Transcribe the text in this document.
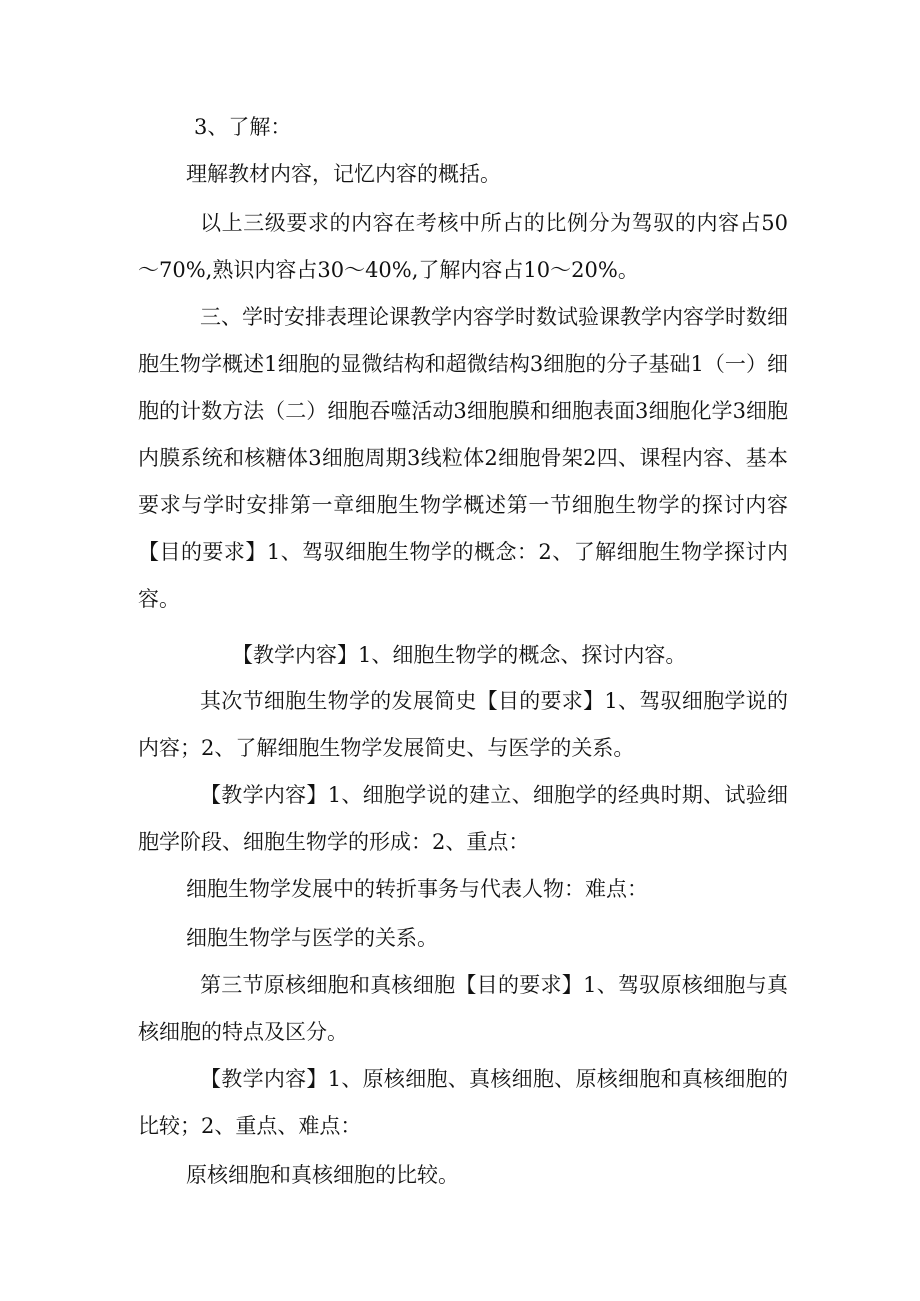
3、了解：

理解教材内容，记忆内容的概括。

以上三级要求的内容在考核中所占的比例分为驾驭的内容占50～70%,熟识内容占30～40%,了解内容占10～20%。

三、学时安排表理论课教学内容学时数试验课教学内容学时数细胞生物学概述1细胞的显微结构和超微结构3细胞的分子基础1（一）细胞的计数方法（二）细胞吞噬活动3细胞膜和细胞表面3细胞化学3细胞内膜系统和核糖体3细胞周期3线粒体2细胞骨架2四、课程内容、基本要求与学时安排第一章细胞生物学概述第一节细胞生物学的探讨内容【目的要求】1、驾驭细胞生物学的概念：2、了解细胞生物学探讨内容。

【教学内容】1、细胞生物学的概念、探讨内容。

其次节细胞生物学的发展简史【目的要求】1、驾驭细胞学说的内容；2、了解细胞生物学发展简史、与医学的关系。

【教学内容】1、细胞学说的建立、细胞学的经典时期、试验细胞学阶段、细胞生物学的形成：2、重点：

细胞生物学发展中的转折事务与代表人物：难点：

细胞生物学与医学的关系。

第三节原核细胞和真核细胞【目的要求】1、驾驭原核细胞与真核细胞的特点及区分。

【教学内容】1、原核细胞、真核细胞、原核细胞和真核细胞的比较；2、重点、难点：

原核细胞和真核细胞的比较。
